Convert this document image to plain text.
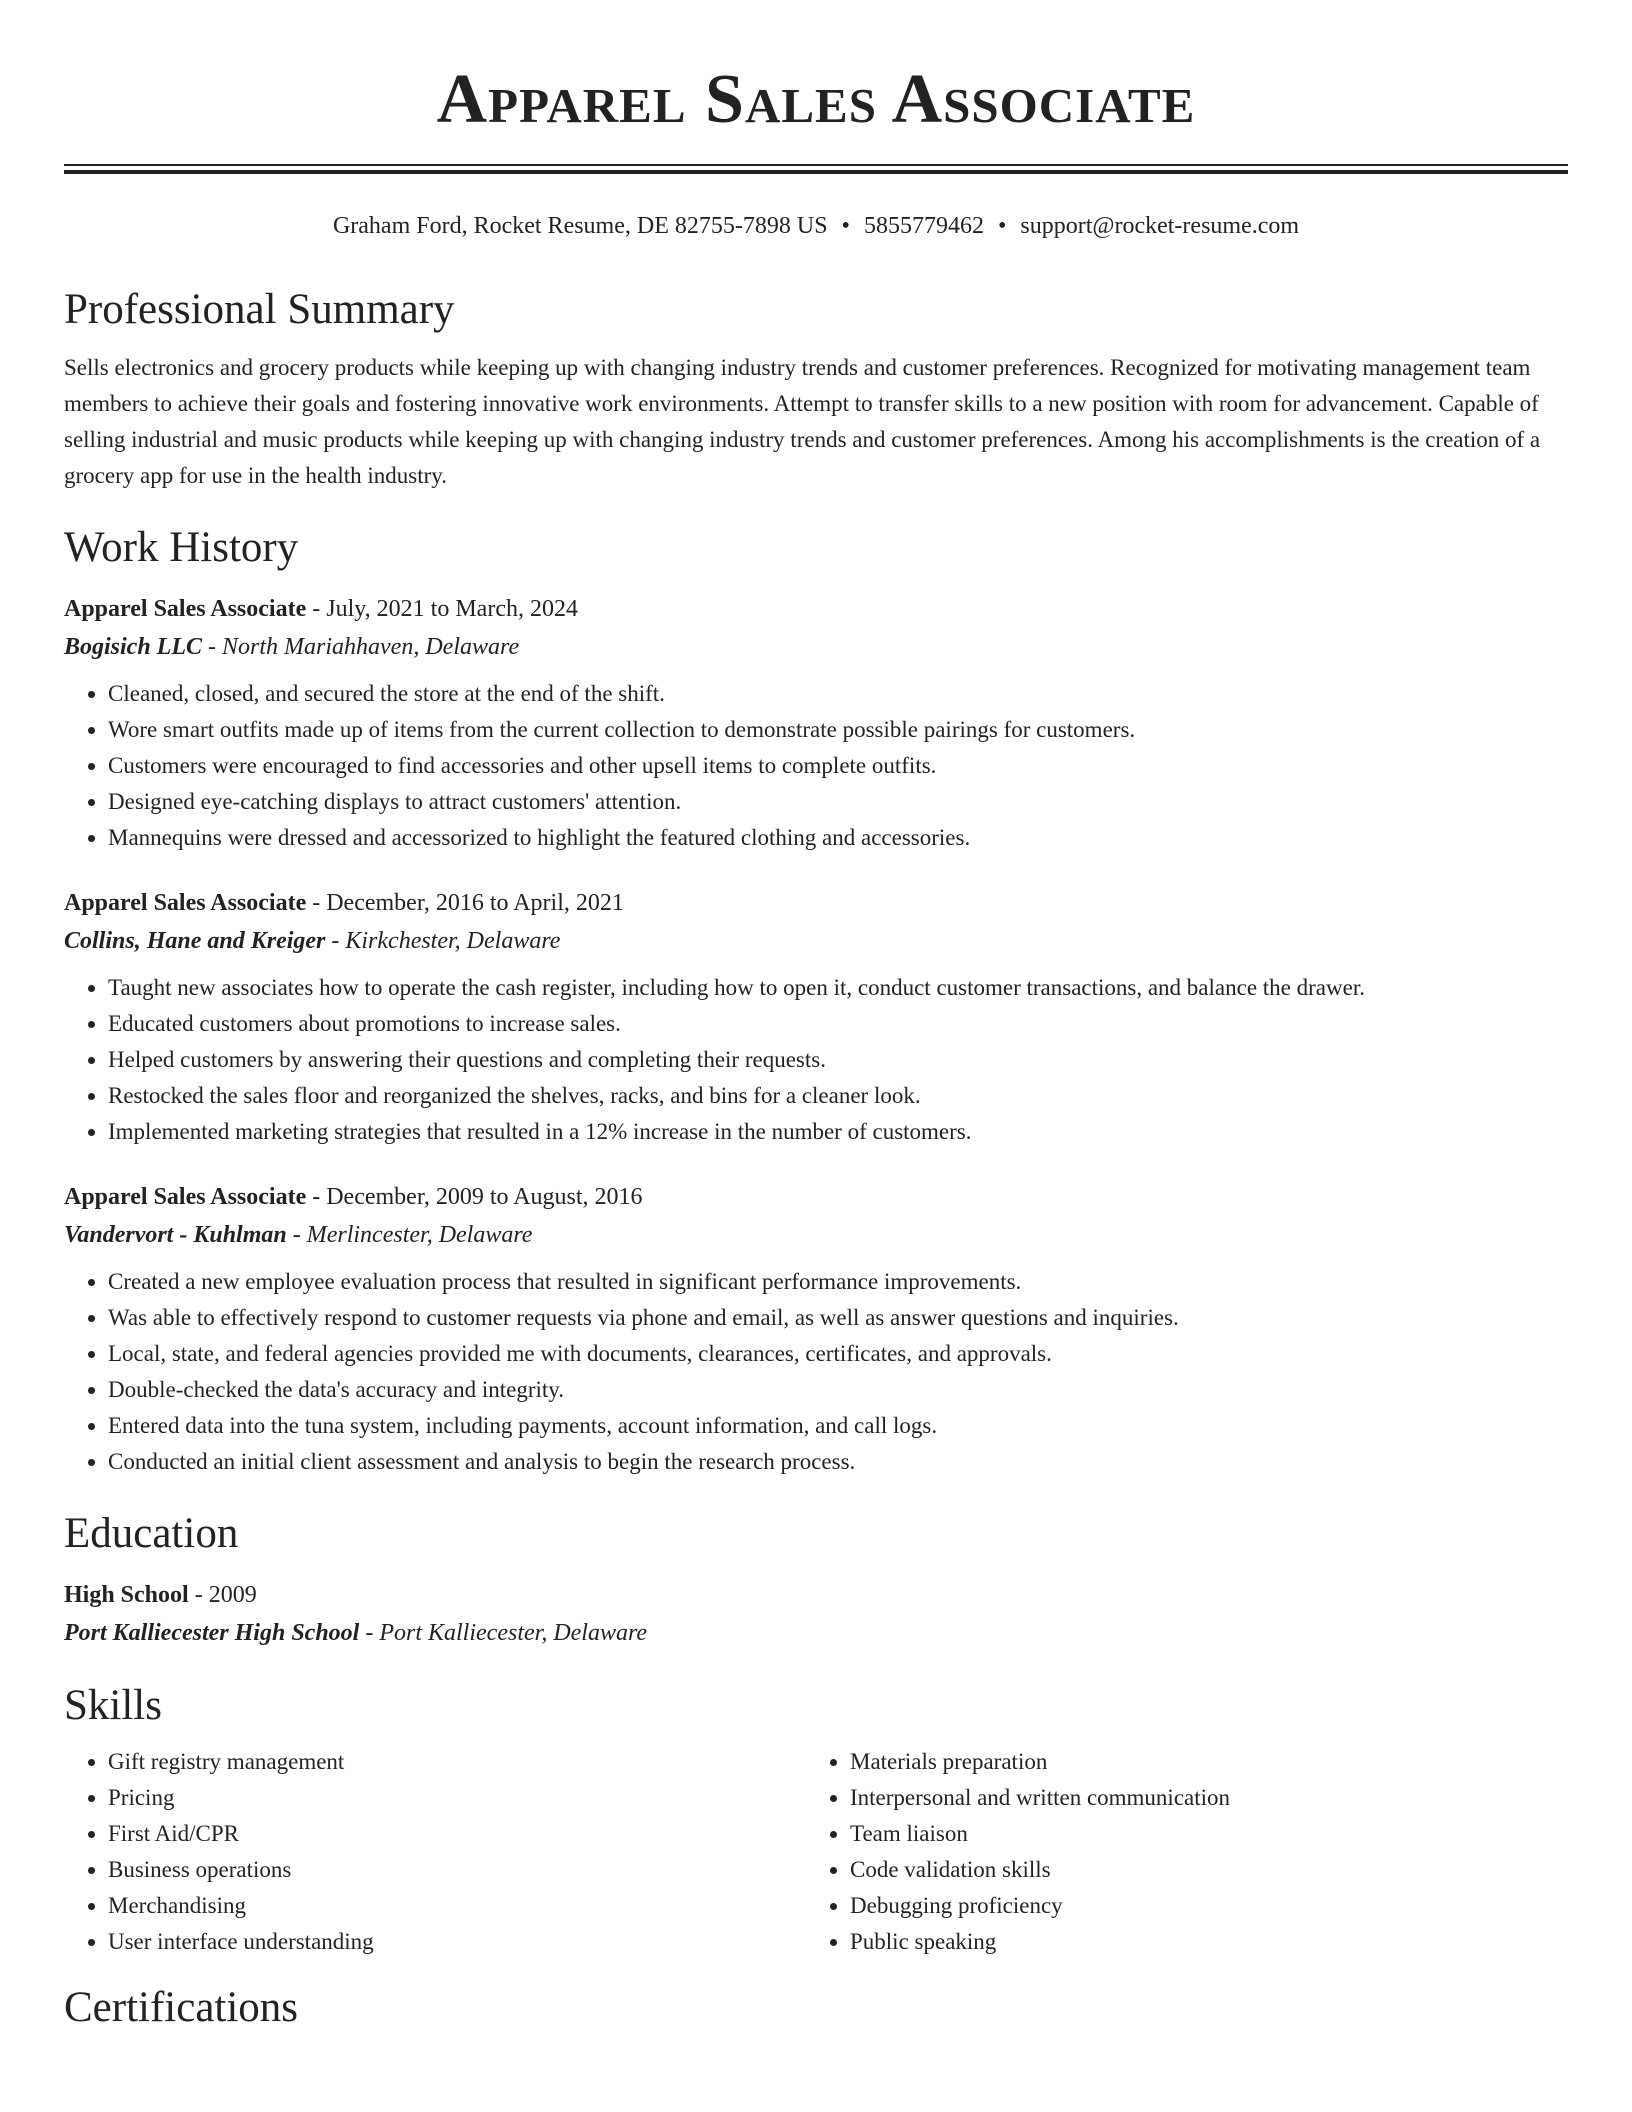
Apparel Sales Associate
Graham Ford, Rocket Resume, DE 82755-7898 US • 5855779462 • support@rocket-resume.com
Professional Summary
Sells electronics and grocery products while keeping up with changing industry trends and customer preferences. Recognized for motivating management team members to achieve their goals and fostering innovative work environments. Attempt to transfer skills to a new position with room for advancement. Capable of selling industrial and music products while keeping up with changing industry trends and customer preferences. Among his accomplishments is the creation of a grocery app for use in the health industry.
Work History
Apparel Sales Associate - July, 2021 to March, 2024
Bogisich LLC - North Mariahhaven, Delaware
• Cleaned, closed, and secured the store at the end of the shift.
• Wore smart outfits made up of items from the current collection to demonstrate possible pairings for customers.
• Customers were encouraged to find accessories and other upsell items to complete outfits.
• Designed eye-catching displays to attract customers' attention.
• Mannequins were dressed and accessorized to highlight the featured clothing and accessories.
Apparel Sales Associate - December, 2016 to April, 2021
Collins, Hane and Kreiger - Kirkchester, Delaware
• Taught new associates how to operate the cash register, including how to open it, conduct customer transactions, and balance the drawer.
• Educated customers about promotions to increase sales.
• Helped customers by answering their questions and completing their requests.
• Restocked the sales floor and reorganized the shelves, racks, and bins for a cleaner look.
• Implemented marketing strategies that resulted in a 12% increase in the number of customers.
Apparel Sales Associate - December, 2009 to August, 2016
Vandervort - Kuhlman - Merlincester, Delaware
• Created a new employee evaluation process that resulted in significant performance improvements.
• Was able to effectively respond to customer requests via phone and email, as well as answer questions and inquiries.
• Local, state, and federal agencies provided me with documents, clearances, certificates, and approvals.
• Double-checked the data's accuracy and integrity.
• Entered data into the tuna system, including payments, account information, and call logs.
• Conducted an initial client assessment and analysis to begin the research process.
Education
High School - 2009
Port Kalliecester High School - Port Kalliecester, Delaware
Skills
• Gift registry management
• Pricing
• First Aid/CPR
• Business operations
• Merchandising
• User interface understanding
• Materials preparation
• Interpersonal and written communication
• Team liaison
• Code validation skills
• Debugging proficiency
• Public speaking
Certifications
